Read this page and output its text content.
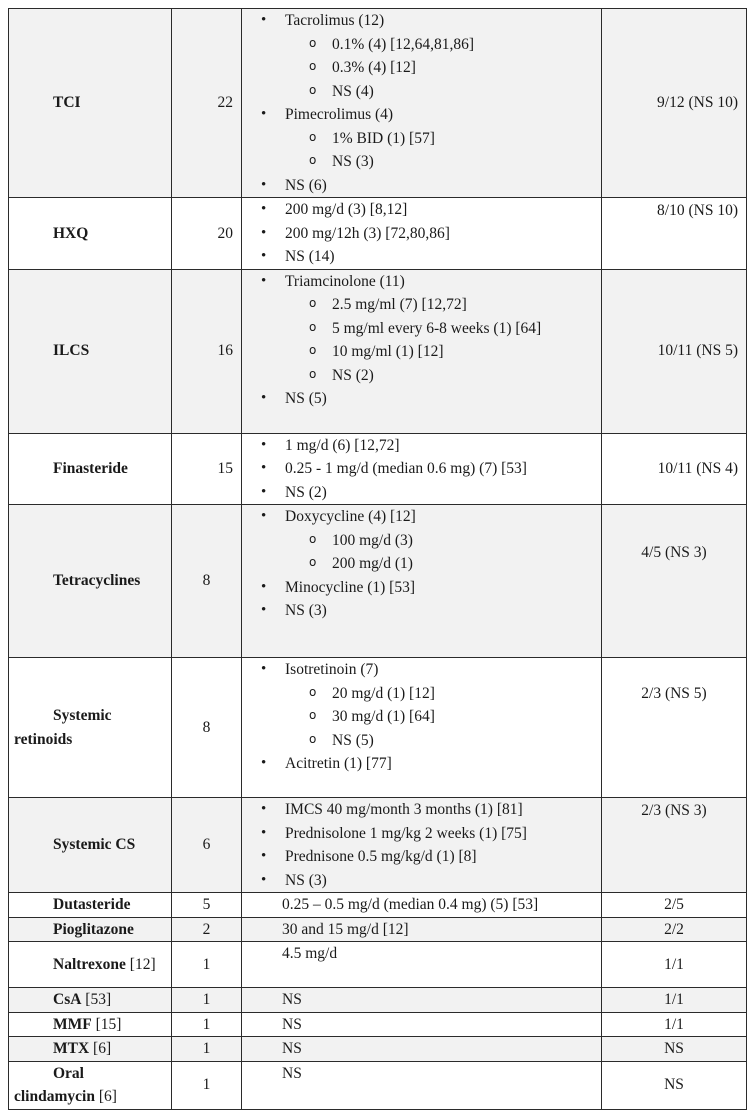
TCI	22	
• Tacrolimus (12)
o 0.1% (4) [12,64,81,86]
o 0.3% (4) [12]
o NS (4)
• Pimecrolimus (4)
o 1% BID (1) [57]
o NS (3)
• NS (6)
	9/12 (NS 10)
HXQ	20	
• 200 mg/d (3) [8,12]
• 200 mg/12h (3) [72,80,86]
• NS (14)
	8/10 (NS 10)
ILCS	16	
• Triamcinolone (11)
o 2.5 mg/ml (7) [12,72]
o 5 mg/ml every 6-8 weeks (1) [64]
o 10 mg/ml (1) [12]
o NS (2)
• NS (5)
	10/11 (NS 5)
Finasteride	15	
• 1 mg/d (6) [12,72]
• 0.25 - 1 mg/d (median 0.6 mg) (7) [53]
• NS (2)
	10/11 (NS 4)
Tetracyclines	8	
• Doxycycline (4) [12]
o 100 mg/d (3)
o 200 mg/d (1)
• Minocycline (1) [53]
• NS (3)
	4/5 (NS 3)
Systemic retinoids	8	
• Isotretinoin (7)
o 20 mg/d (1) [12]
o 30 mg/d (1) [64]
o NS (5)
• Acitretin (1) [77]
	2/3 (NS 5)
Systemic CS	6	
• IMCS 40 mg/month 3 months (1) [81]
• Prednisolone 1 mg/kg 2 weeks (1) [75]
• Prednisone 0.5 mg/kg/d (1) [8]
• NS (3)
	2/3 (NS 3)
Dutasteride	5	0.25 – 0.5 mg/d (median 0.4 mg) (5) [53]	2/5
Pioglitazone	2	30 and 15 mg/d [12]	2/2
Naltrexone [12]	1	4.5 mg/d	1/1
CsA [53]	1	NS	1/1
MMF [15]	1	NS	1/1
MTX [6]	1	NS	NS
Oral clindamycin [6]	1	NS	NS
